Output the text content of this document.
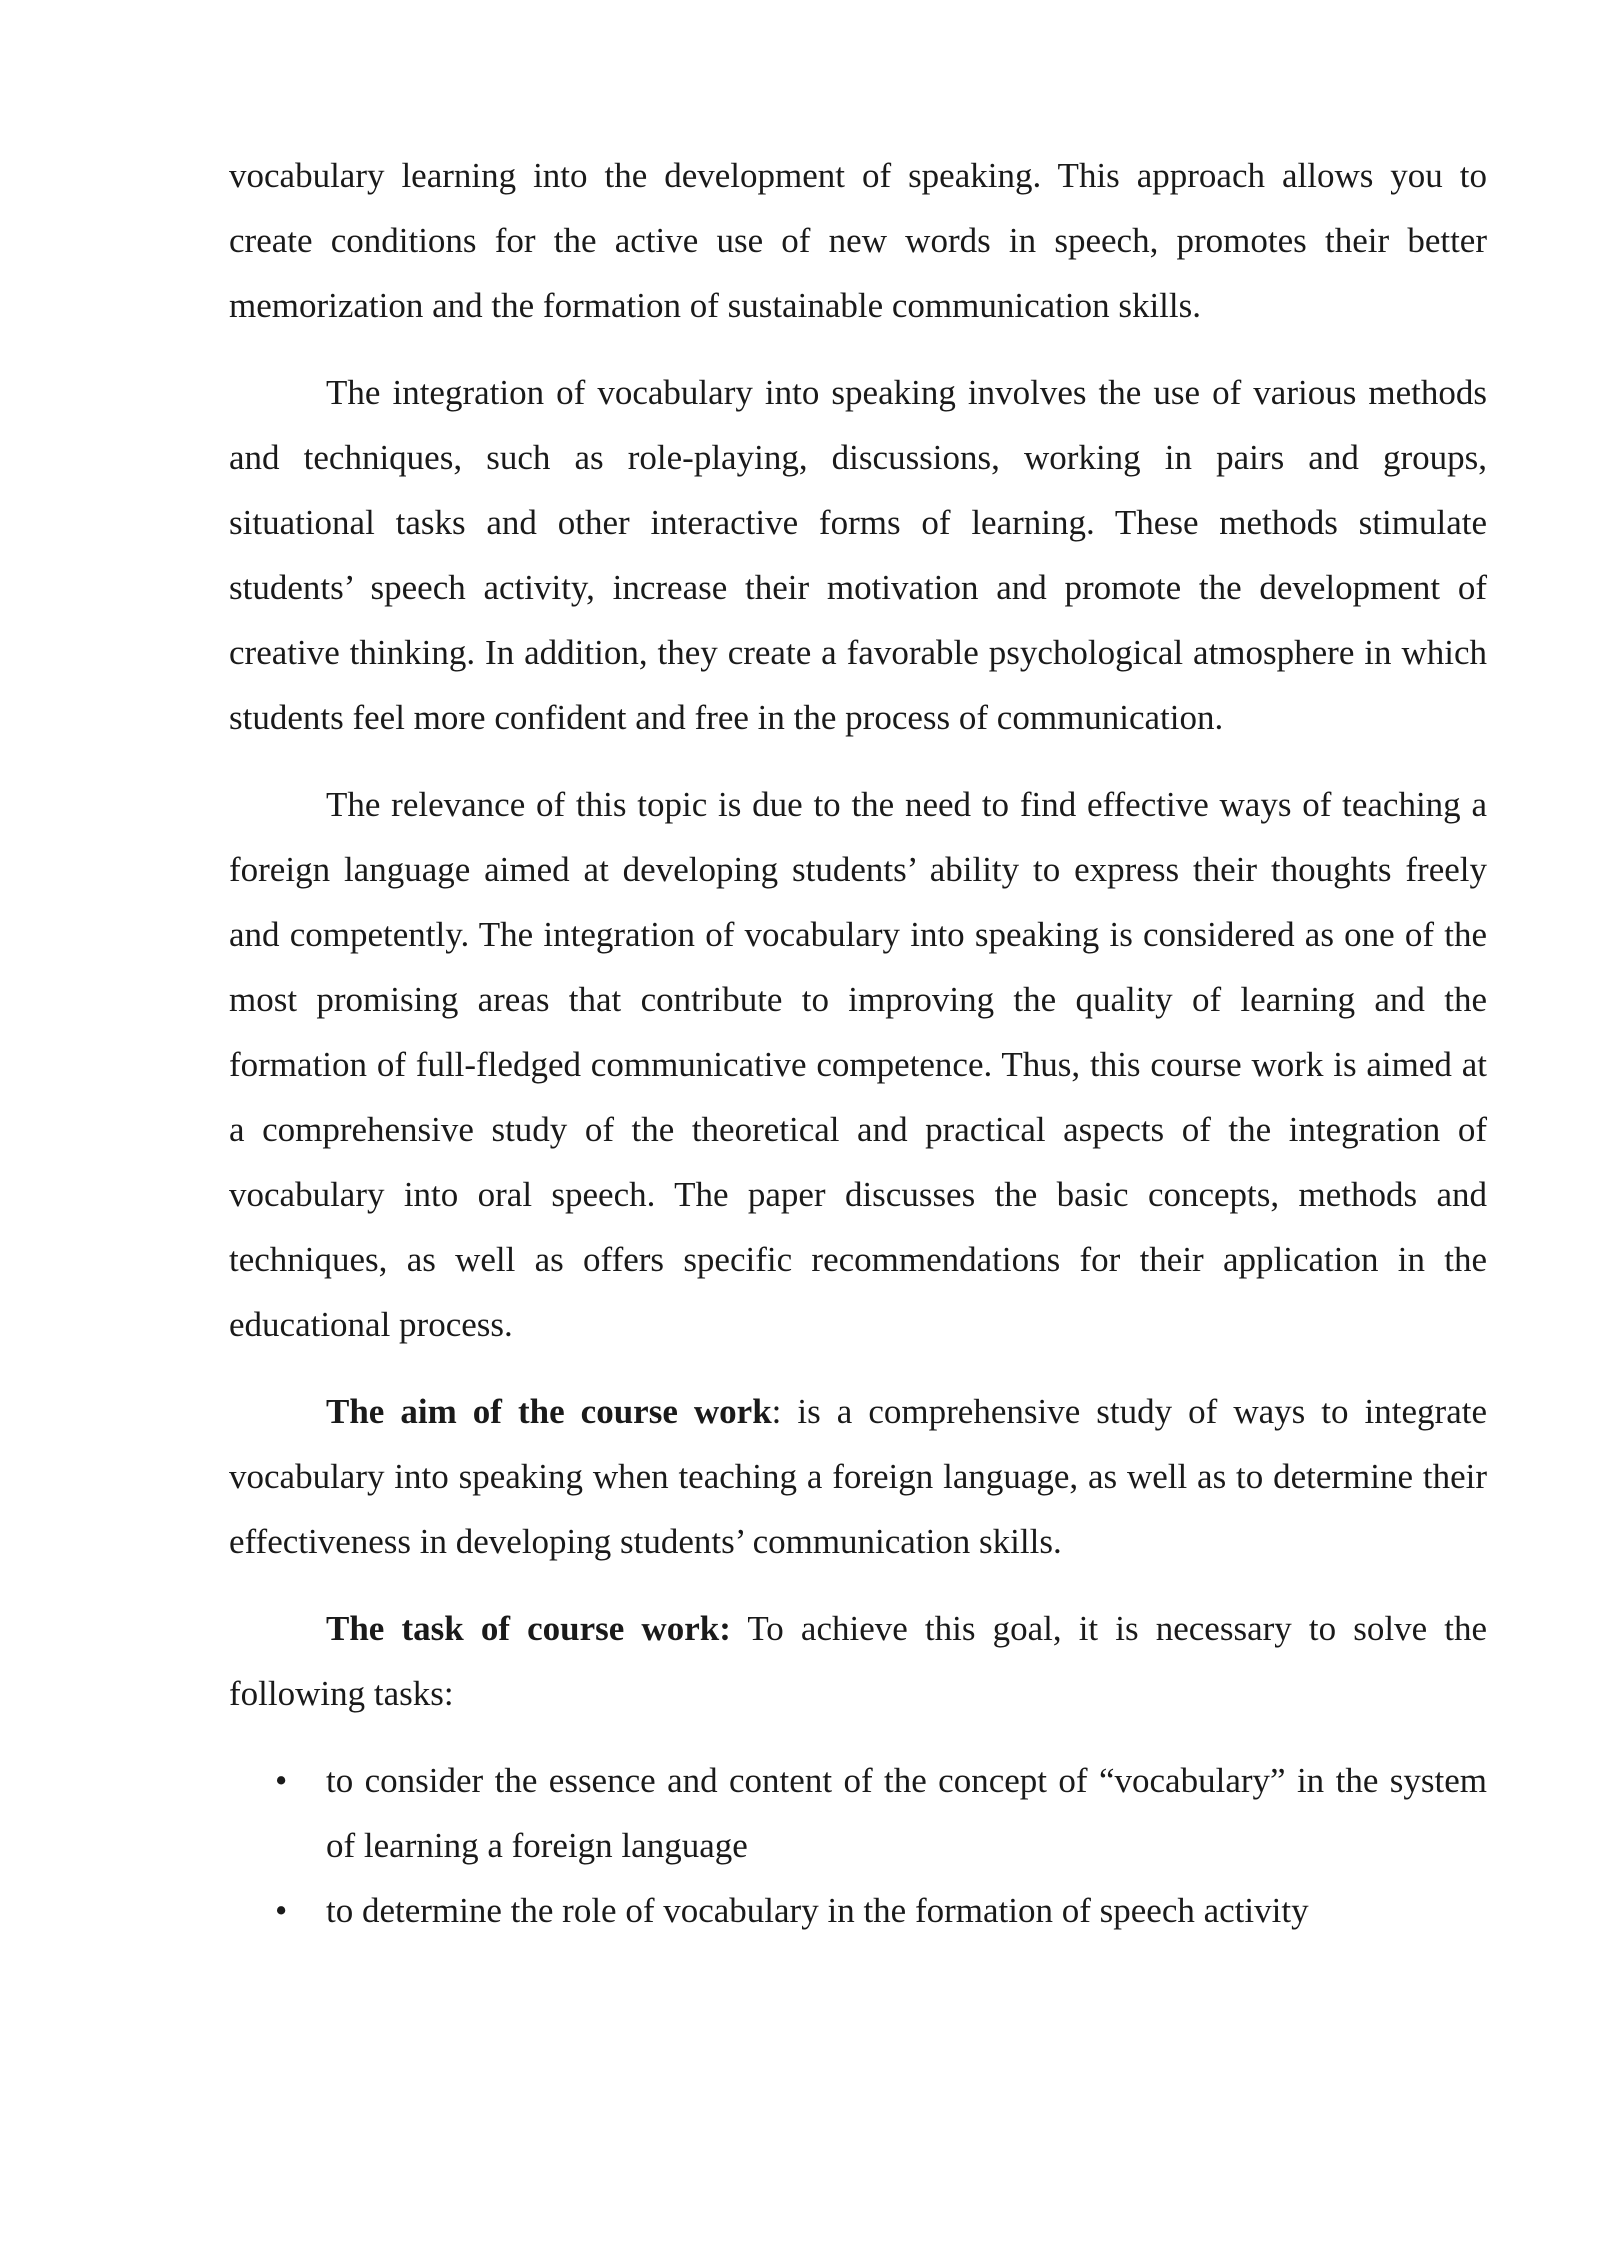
vocabulary learning into the development of speaking. This approach allows you to create conditions for the active use of new words in speech, promotes their better memorization and the formation of sustainable communication skills.

The integration of vocabulary into speaking involves the use of various methods and techniques, such as role-playing, discussions, working in pairs and groups, situational tasks and other interactive forms of learning. These methods stimulate students’ speech activity, increase their motivation and promote the development of creative thinking. In addition, they create a favorable psychological atmosphere in which students feel more confident and free in the process of communication.

The relevance of this topic is due to the need to find effective ways of teaching a foreign language aimed at developing students’ ability to express their thoughts freely and competently. The integration of vocabulary into speaking is considered as one of the most promising areas that contribute to improving the quality of learning and the formation of full-fledged communicative competence. Thus, this course work is aimed at a comprehensive study of the theoretical and practical aspects of the integration of vocabulary into oral speech. The paper discusses the basic concepts, methods and techniques, as well as offers specific recommendations for their application in the educational process.

The aim of the course work: is a comprehensive study of ways to integrate vocabulary into speaking when teaching a foreign language, as well as to determine their effectiveness in developing students’ communication skills.

The task of course work: To achieve this goal, it is necessary to solve the following tasks:

• to consider the essence and content of the concept of “vocabulary” in the system of learning a foreign language
• to determine the role of vocabulary in the formation of speech activity
